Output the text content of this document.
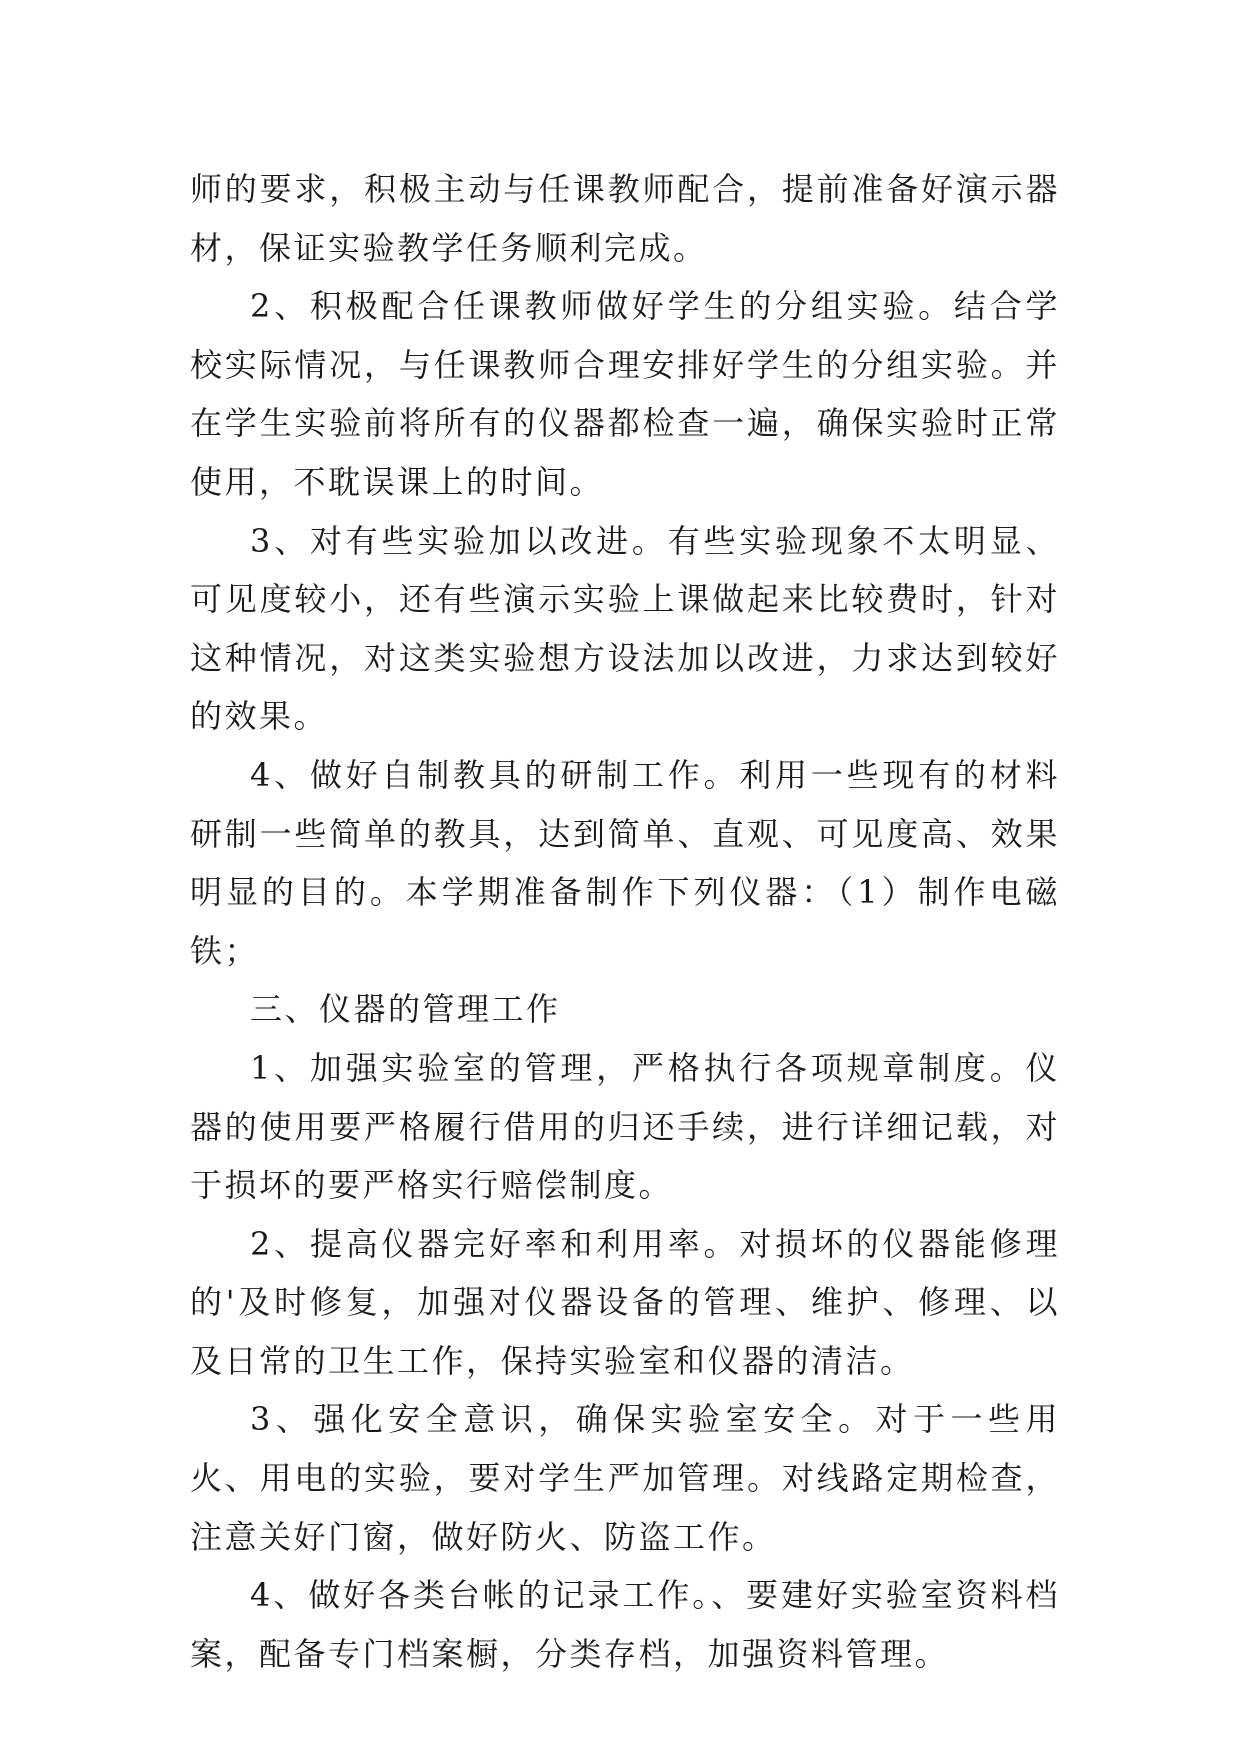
师的要求，积极主动与任课教师配合，提前准备好演示器材，保证实验教学任务顺利完成。

2、积极配合任课教师做好学生的分组实验。结合学校实际情况，与任课教师合理安排好学生的分组实验。并在学生实验前将所有的仪器都检查一遍，确保实验时正常使用，不耽误课上的时间。

3、对有些实验加以改进。有些实验现象不太明显、可见度较小，还有些演示实验上课做起来比较费时，针对这种情况，对这类实验想方设法加以改进，力求达到较好的效果。

4、做好自制教具的研制工作。利用一些现有的材料研制一些简单的教具，达到简单、直观、可见度高、效果明显的目的。本学期准备制作下列仪器：（1）制作电磁铁；

三、仪器的管理工作

1、加强实验室的管理，严格执行各项规章制度。仪器的使用要严格履行借用的归还手续，进行详细记载，对于损坏的要严格实行赔偿制度。

2、提高仪器完好率和利用率。对损坏的仪器能修理的'及时修复，加强对仪器设备的管理、维护、修理、以及日常的卫生工作，保持实验室和仪器的清洁。

3、强化安全意识，确保实验室安全。对于一些用火、用电的实验，要对学生严加管理。对线路定期检查，注意关好门窗，做好防火、防盗工作。

4、做好各类台帐的记录工作。、要建好实验室资料档案，配备专门档案橱，分类存档，加强资料管理。
